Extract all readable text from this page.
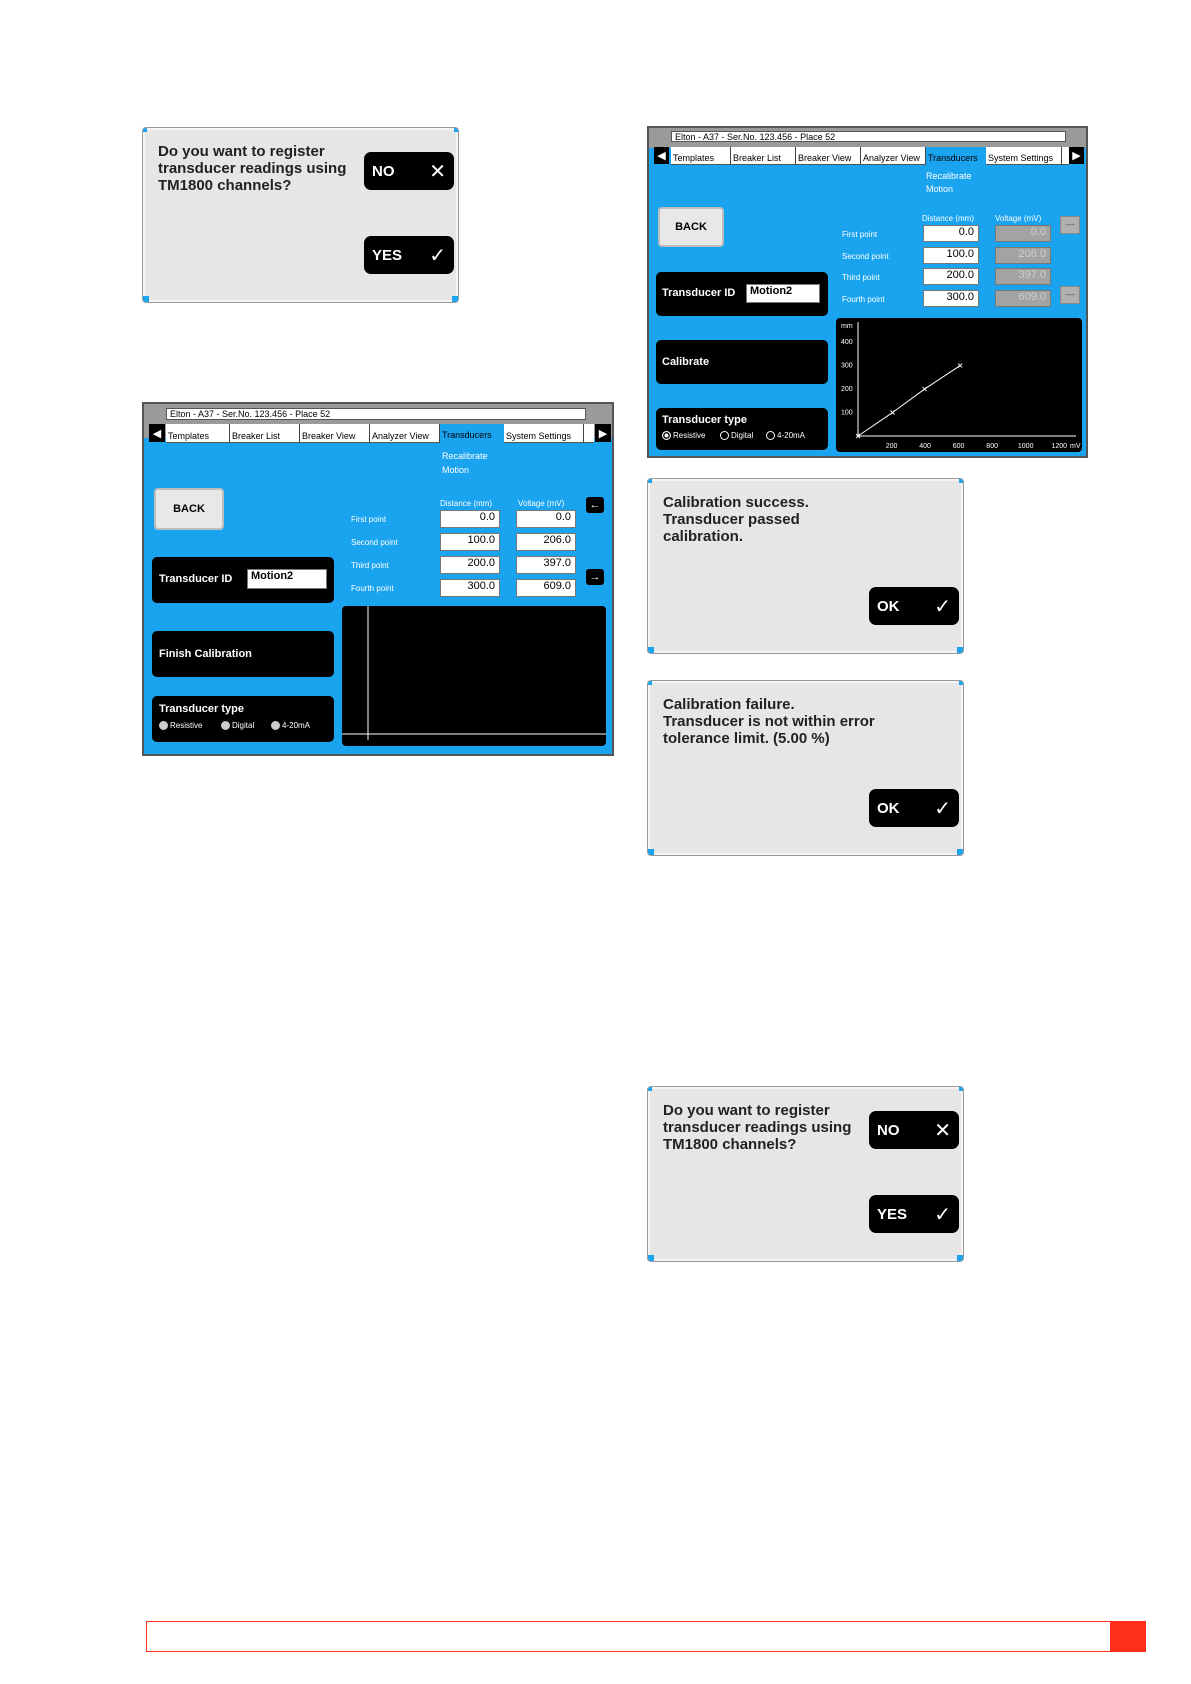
Do you want to register
transducer readings using
TM1800 channels?
NO ✕
YES ✓
Elton - A37 - Ser.No. 123.456 - Place 52
◀ Templates	Breaker List	Breaker View	Analyzer View	Transducers	System Settings	▶
Recalibrate
Motion
BACK	Distance (mm)	Voltage (mV)
First point	0.0	0.0
Second point	100.0	206.0
Third point	200.0	397.0
Fourth point	300.0	609.0
←
→
Transducer ID	Motion2
Finish Calibration
Transducer type
Resistive	Digital	4-20mA
Elton - A37 - Ser.No. 123.456 - Place 52
◀ Templates	Breaker List	Breaker View	Analyzer View Transducers	System Settings	▶
Recalibrate
Motion
BACK
Distance (mm)	Voltage (mV)
First point	0.0	0.0
Second point	100.0	206.0
Third point	200.0	397.0
Fourth point	300.0	609.0
—
—
Transducer ID	Motion2
Calibrate
Transducer type
Resistive	Digital	4-20mA
200	400	600	800	1000	1200
100
200
300
400
mV
mm
Calibration success.
Transducer passed
calibration.
OK ✓
Calibration failure.
Transducer is not within error
tolerance limit. (5.00 %)
OK ✓
Do you want to register
transducer readings using
TM1800 channels?
NO ✕
YES ✓
